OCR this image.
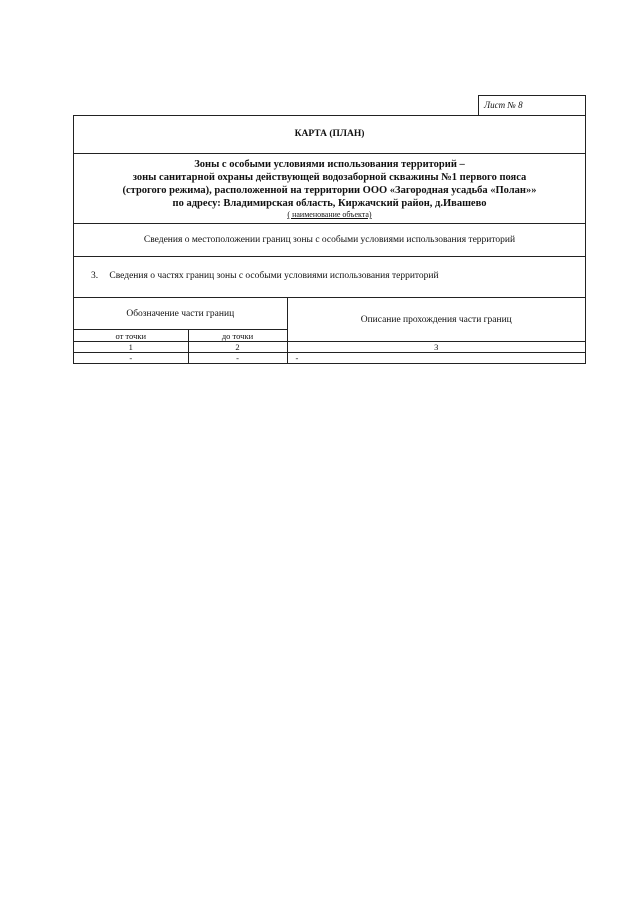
Лист № 8
КАРТА (ПЛАН)
Зоны с особыми условиями использования территорий –
зоны санитарной охраны действующей водозаборной скважины №1 первого пояса
(строгого режима), расположенной на территории ООО «Загородная усадьба «Полан»»
по адресу: Владимирская область, Киржачский район, д.Ивашево
( наименование объекта)
Сведения о местоположении границ зоны с особыми условиями использования территорий
3. Сведения о частях границ зоны с особыми условиями использования территорий
Обозначение части границ		Описание прохождения части границ
от точки	до точки	
1	2	3
-	-	-
